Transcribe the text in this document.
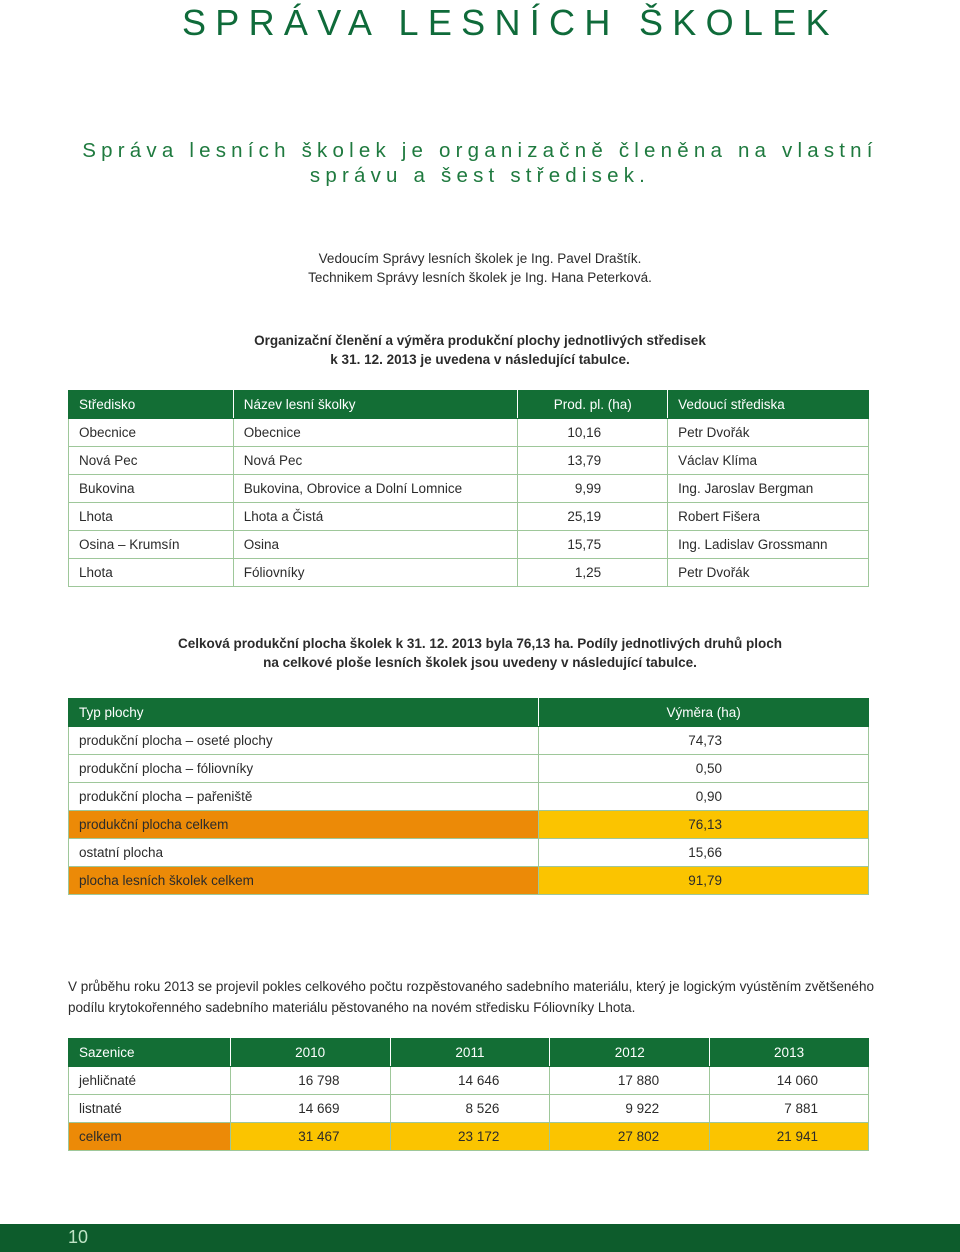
SPRÁVA LESNÍCH ŠKOLEK
Správa lesních školek je organizačně členěna na vlastní
správu a šest středisek.
Vedoucím Správy lesních školek je Ing. Pavel Draštík.
Technikem Správy lesních školek je Ing. Hana Peterková.
Organizační členění a výměra produkční plochy jednotlivých středisek
k 31. 12. 2013 je uvedena v následující tabulce.
Středisko	Název lesní školky	Prod. pl. (ha)	Vedoucí střediska
Obecnice	Obecnice	10,16	Petr Dvořák
Nová Pec	Nová Pec	13,79	Václav Klíma
Bukovina	Bukovina, Obrovice a Dolní Lomnice	9,99	Ing. Jaroslav Bergman
Lhota	Lhota a Čistá	25,19	Robert Fišera
Osina – Krumsín	Osina	15,75	Ing. Ladislav Grossmann
Lhota	Fóliovníky	1,25	Petr Dvořák
Celková produkční plocha školek k 31. 12. 2013 byla 76,13 ha. Podíly jednotlivých druhů ploch
na celkové ploše lesních školek jsou uvedeny v následující tabulce.
Typ plochy	Výměra (ha)
produkční plocha – oseté plochy	74,73
produkční plocha – fóliovníky	0,50
produkční plocha – pařeniště	0,90
produkční plocha celkem	76,13
ostatní plocha	15,66
plocha lesních školek celkem	91,79
V průběhu roku 2013 se projevil pokles celkového počtu rozpěstovaného sadebního materiálu, který je logickým vyústěním zvětšeného podílu krytokořenného sadebního materiálu pěstovaného na novém středisku Fóliovníky Lhota.
Sazenice	2010	2011	2012	2013
jehličnaté	16 798	14 646	17 880	14 060
listnaté	14 669	8 526	9 922	7 881
celkem	31 467	23 172	27 802	21 941
10
